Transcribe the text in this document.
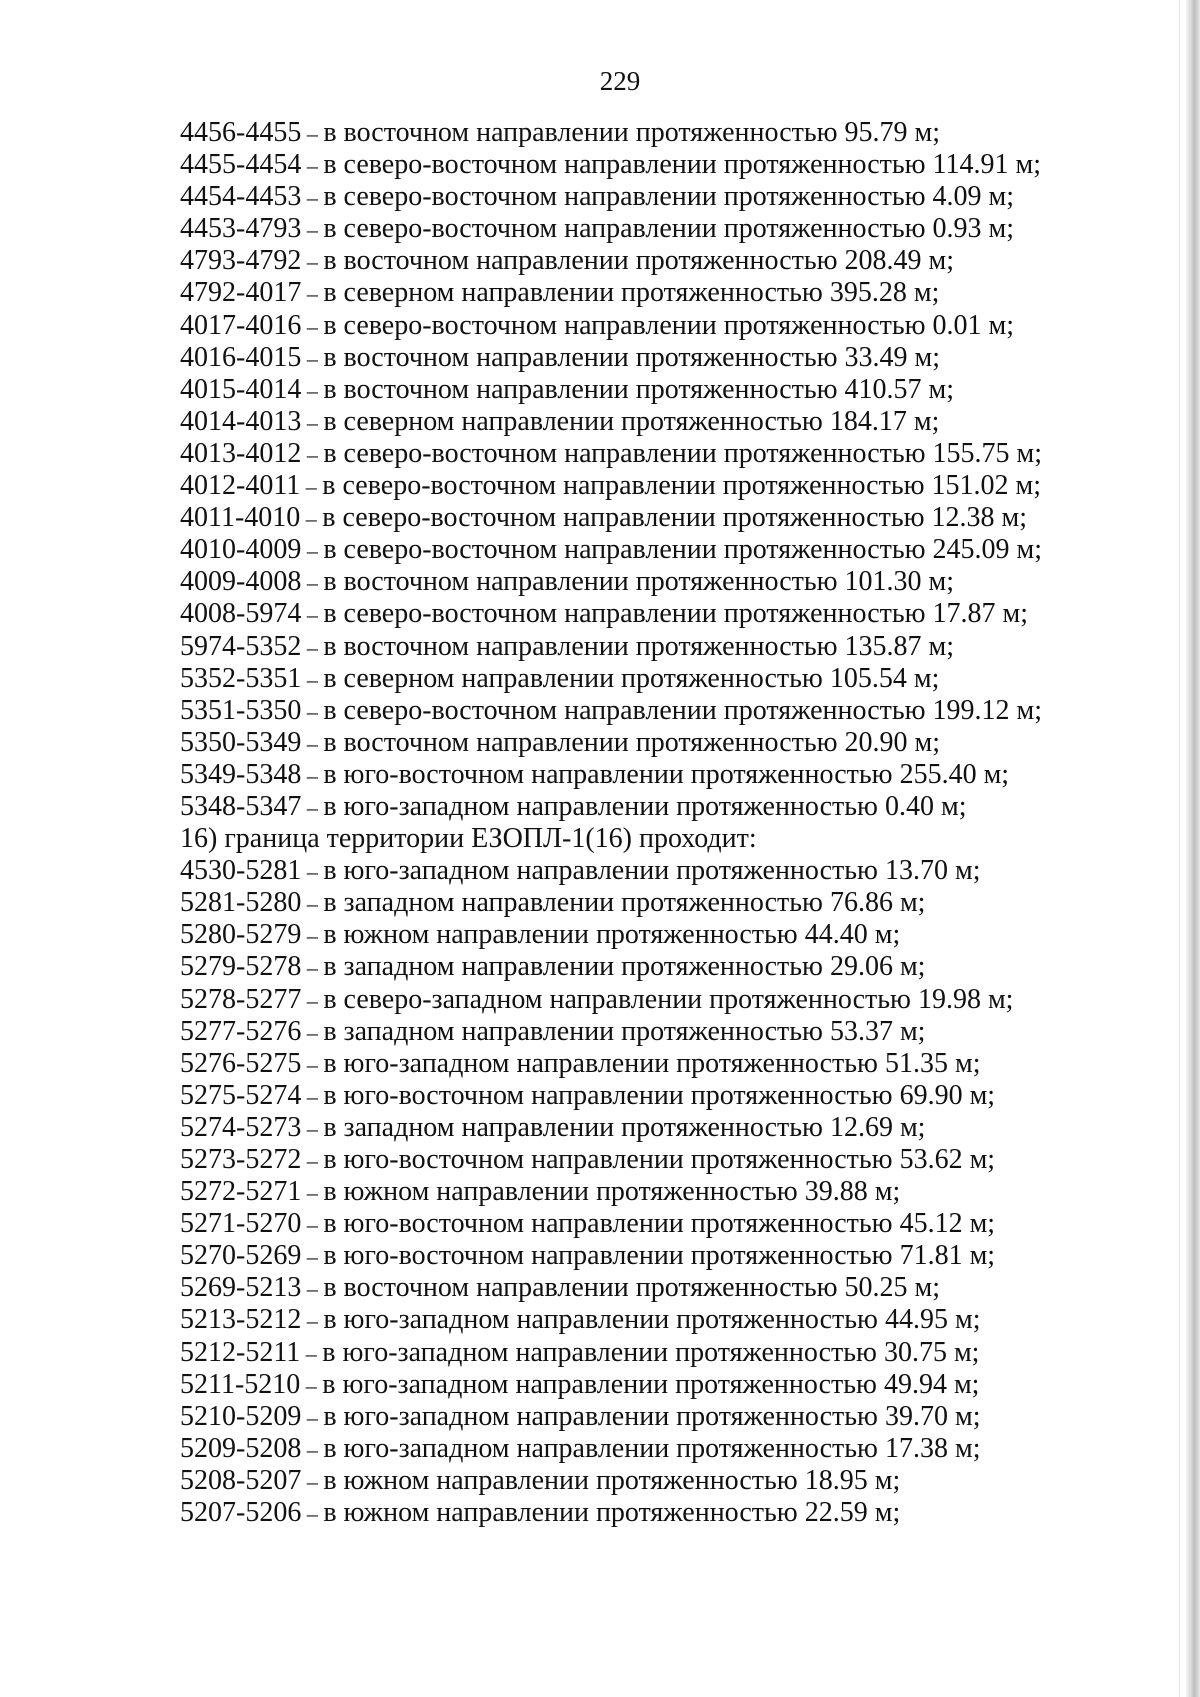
229
4456-4455 – в восточном направлении протяженностью 95.79 м;
4455-4454 – в северо-восточном направлении протяженностью 114.91 м;
4454-4453 – в северо-восточном направлении протяженностью 4.09 м;
4453-4793 – в северо-восточном направлении протяженностью 0.93 м;
4793-4792 – в восточном направлении протяженностью 208.49 м;
4792-4017 – в северном направлении протяженностью 395.28 м;
4017-4016 – в северо-восточном направлении протяженностью 0.01 м;
4016-4015 – в восточном направлении протяженностью 33.49 м;
4015-4014 – в восточном направлении протяженностью 410.57 м;
4014-4013 – в северном направлении протяженностью 184.17 м;
4013-4012 – в северо-восточном направлении протяженностью 155.75 м;
4012-4011 – в северо-восточном направлении протяженностью 151.02 м;
4011-4010 – в северо-восточном направлении протяженностью 12.38 м;
4010-4009 – в северо-восточном направлении протяженностью 245.09 м;
4009-4008 – в восточном направлении протяженностью 101.30 м;
4008-5974 – в северо-восточном направлении протяженностью 17.87 м;
5974-5352 – в восточном направлении протяженностью 135.87 м;
5352-5351 – в северном направлении протяженностью 105.54 м;
5351-5350 – в северо-восточном направлении протяженностью 199.12 м;
5350-5349 – в восточном направлении протяженностью 20.90 м;
5349-5348 – в юго-восточном направлении протяженностью 255.40 м;
5348-5347 – в юго-западном направлении протяженностью 0.40 м;
16) граница территории ЕЗОПЛ-1(16) проходит:
4530-5281 – в юго-западном направлении протяженностью 13.70 м;
5281-5280 – в западном направлении протяженностью 76.86 м;
5280-5279 – в южном направлении протяженностью 44.40 м;
5279-5278 – в западном направлении протяженностью 29.06 м;
5278-5277 – в северо-западном направлении протяженностью 19.98 м;
5277-5276 – в западном направлении протяженностью 53.37 м;
5276-5275 – в юго-западном направлении протяженностью 51.35 м;
5275-5274 – в юго-восточном направлении протяженностью 69.90 м;
5274-5273 – в западном направлении протяженностью 12.69 м;
5273-5272 – в юго-восточном направлении протяженностью 53.62 м;
5272-5271 – в южном направлении протяженностью 39.88 м;
5271-5270 – в юго-восточном направлении протяженностью 45.12 м;
5270-5269 – в юго-восточном направлении протяженностью 71.81 м;
5269-5213 – в восточном направлении протяженностью 50.25 м;
5213-5212 – в юго-западном направлении протяженностью 44.95 м;
5212-5211 – в юго-западном направлении протяженностью 30.75 м;
5211-5210 – в юго-западном направлении протяженностью 49.94 м;
5210-5209 – в юго-западном направлении протяженностью 39.70 м;
5209-5208 – в юго-западном направлении протяженностью 17.38 м;
5208-5207 – в южном направлении протяженностью 18.95 м;
5207-5206 – в южном направлении протяженностью 22.59 м;
